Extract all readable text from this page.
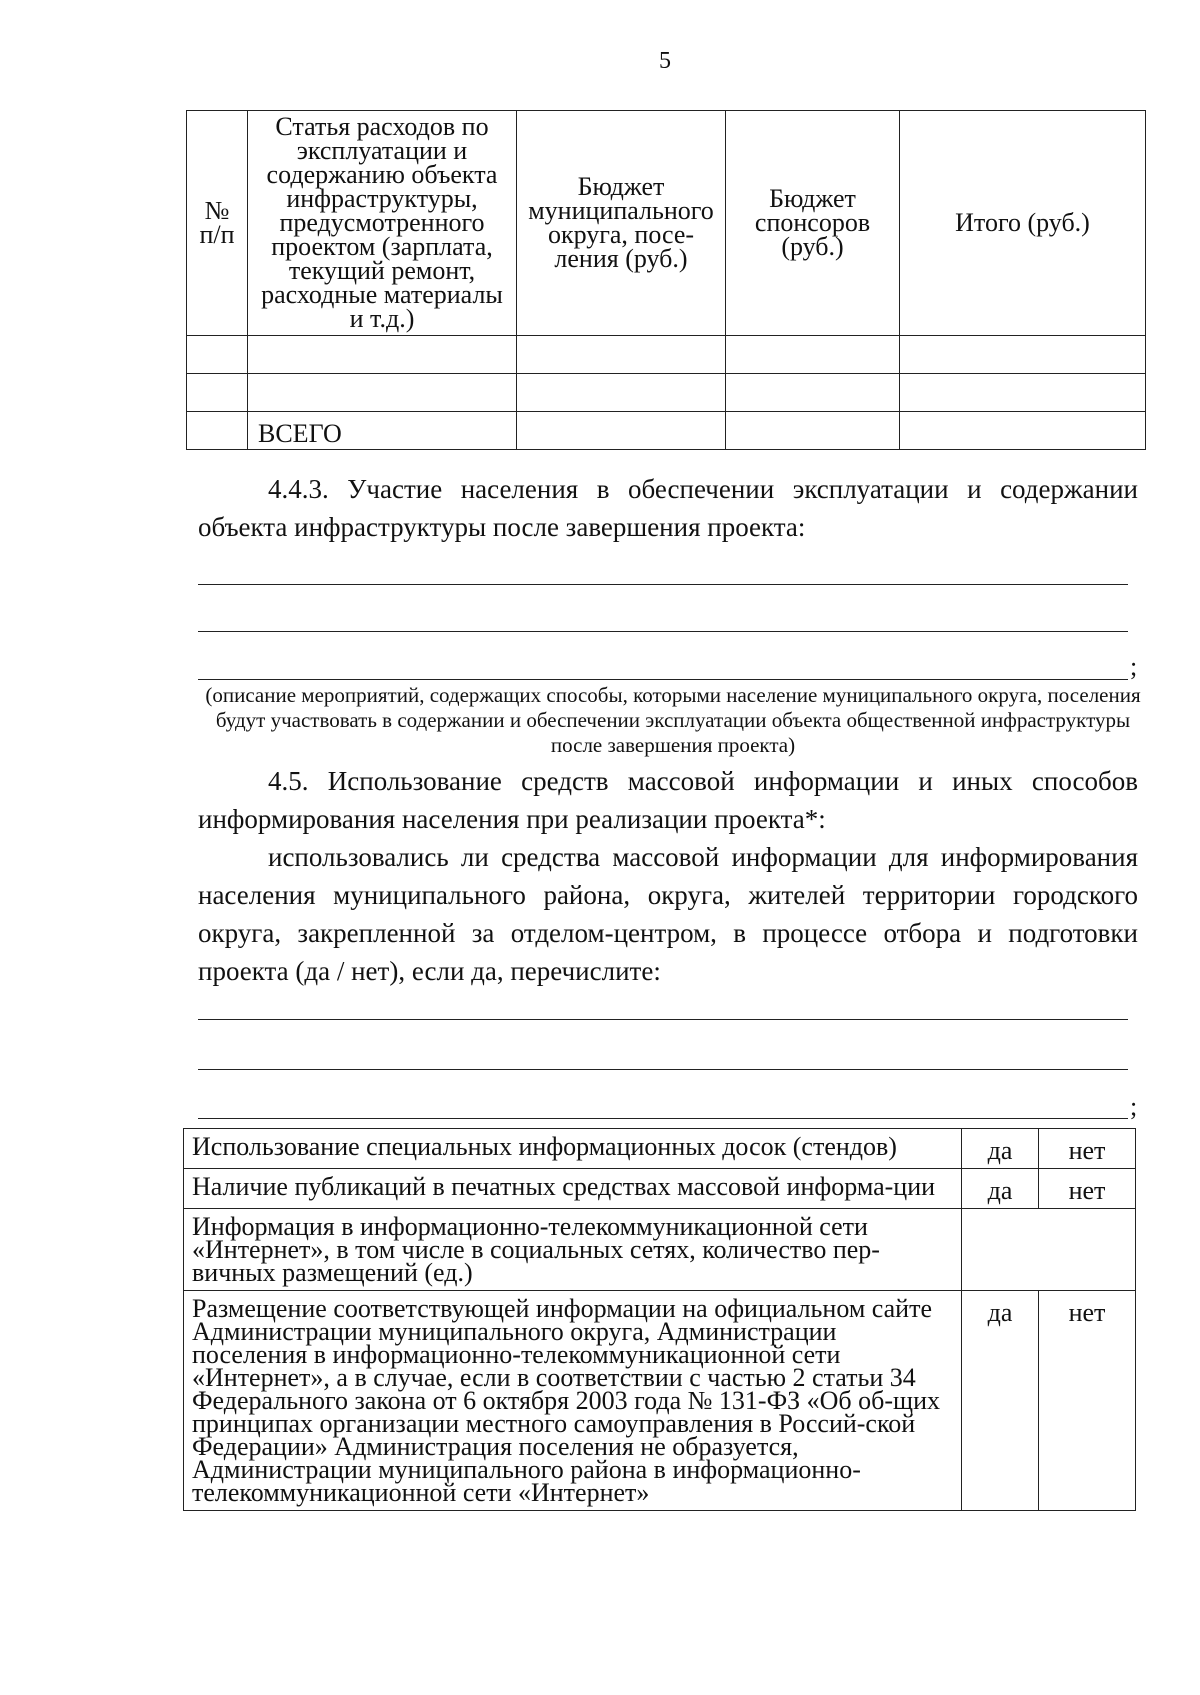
5
№ п/п	Статья расходов по эксплуатации и содержанию объекта инфраструктуры, предусмотренного проектом (зарплата, текущий ремонт, расходные материалы и т.д.)	Бюджет муниципального округа, посе-ления (руб.)	Бюджет спонсоров (руб.)	Итого (руб.)

	ВСЕГО			
4.4.3. Участие населения в обеспечении эксплуатации и содержании объекта инфраструктуры после завершения проекта:
;
(описание мероприятий, содержащих способы, которыми население муниципального округа, поселения будут участвовать в содержании и обеспечении эксплуатации объекта общественной инфраструктуры после завершения проекта)
4.5. Использование средств массовой информации и иных способов информирования населения при реализации проекта*:
использовались ли средства массовой информации для информирования населения муниципального района, округа, жителей территории городского округа, закрепленной за отделом-центром, в процессе отбора и подготовки проекта (да / нет), если да, перечислите:
;
Использование специальных информационных досок (стендов)	да	нет
Наличие публикаций в печатных средствах массовой информа-ции	да	нет
Информация в информационно-телекоммуникационной сети «Интернет», в том числе в социальных сетях, количество пер-вичных размещений (ед.)		
Размещение соответствующей информации на официальном сайте Администрации муниципального округа, Администрации поселения в информационно-телекоммуникационной сети «Интернет», а в случае, если в соответствии с частью 2 статьи 34 Федерального закона от 6 октября 2003 года № 131-ФЗ «Об об-щих принципах организации местного самоуправления в Россий-ской Федерации» Администрация поселения не образуется, Администрации муниципального района в информационно-телекоммуникационной сети «Интернет»	да	нет
